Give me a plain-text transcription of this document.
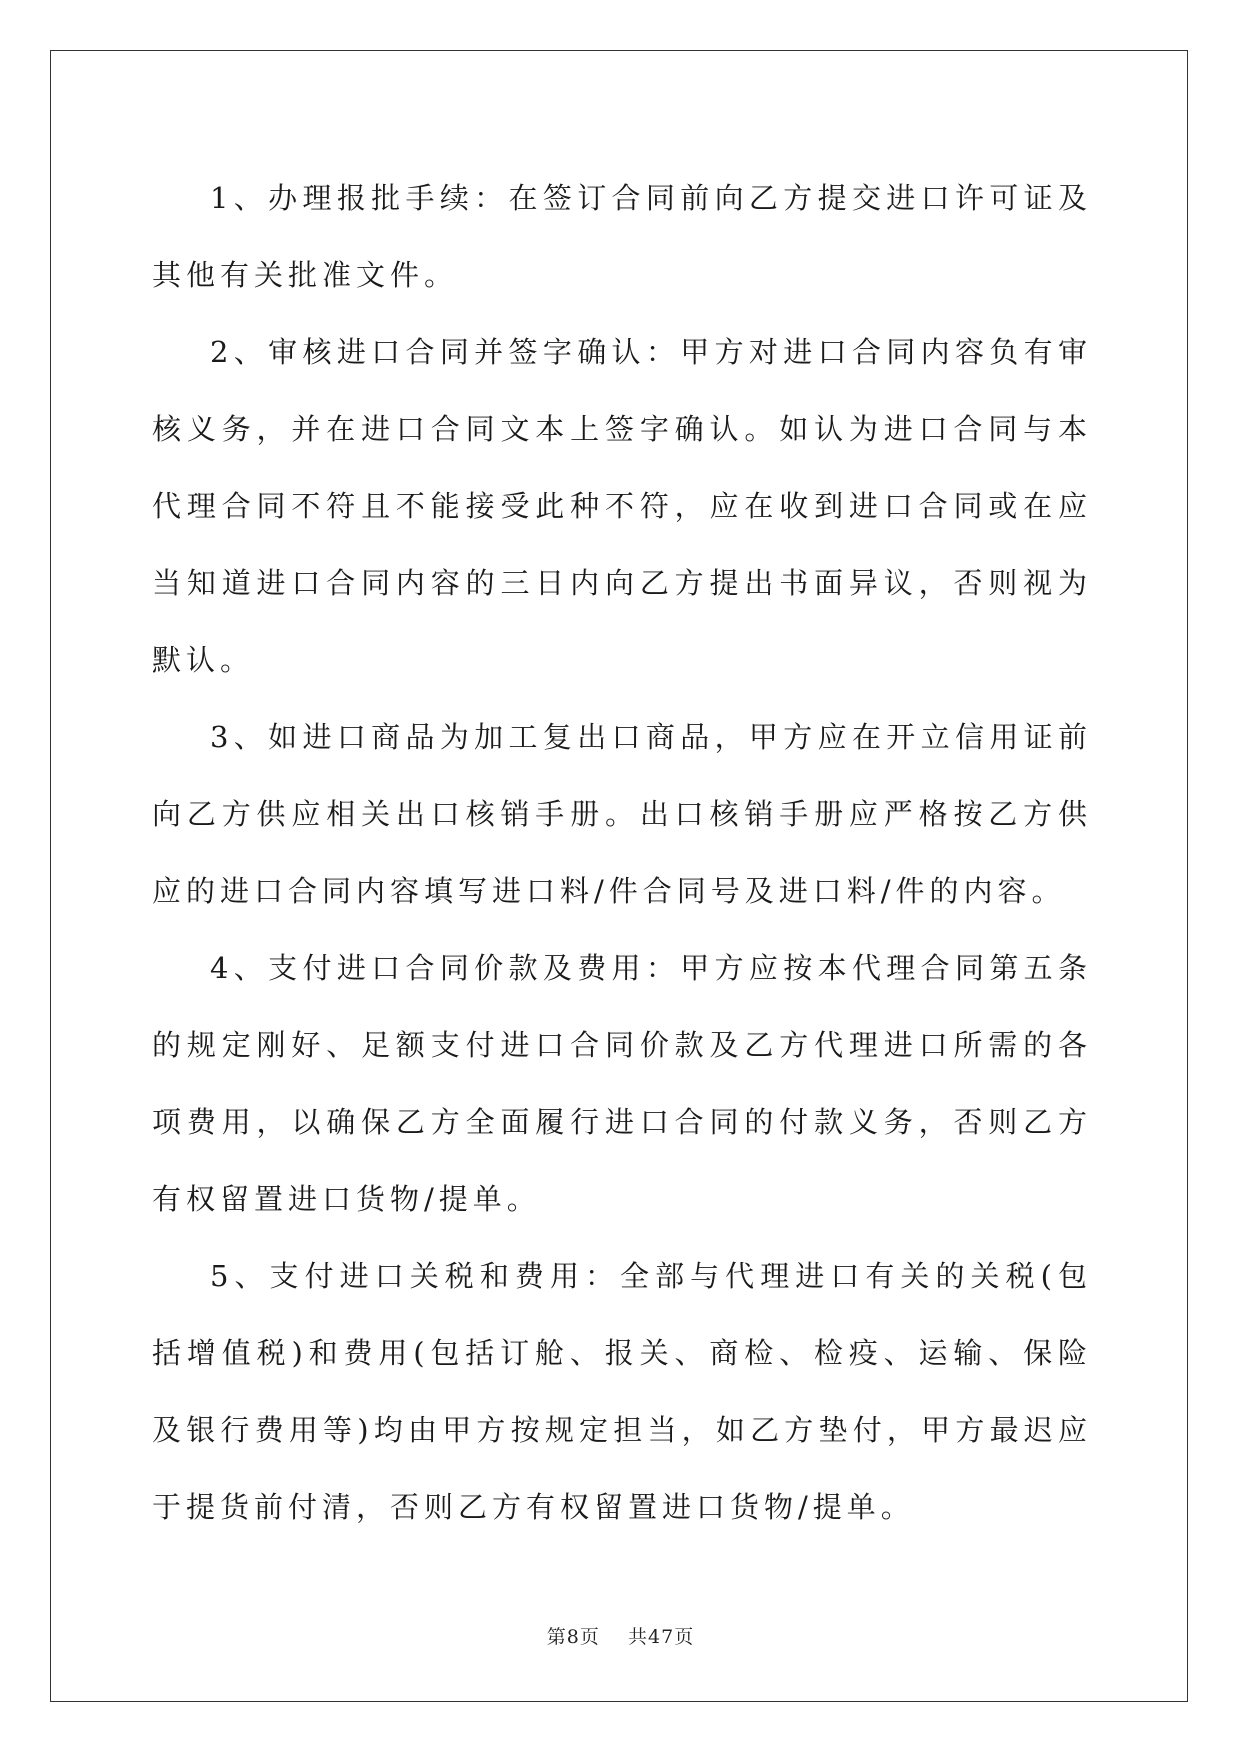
1、办理报批手续：在签订合同前向乙方提交进口许可证及其他有关批准文件。

2、审核进口合同并签字确认：甲方对进口合同内容负有审核义务，并在进口合同文本上签字确认。如认为进口合同与本代理合同不符且不能接受此种不符，应在收到进口合同或在应当知道进口合同内容的三日内向乙方提出书面异议，否则视为默认。

3、如进口商品为加工复出口商品，甲方应在开立信用证前向乙方供应相关出口核销手册。出口核销手册应严格按乙方供应的进口合同内容填写进口料/件合同号及进口料/件的内容。

4、支付进口合同价款及费用：甲方应按本代理合同第五条的规定刚好、足额支付进口合同价款及乙方代理进口所需的各项费用，以确保乙方全面履行进口合同的付款义务，否则乙方有权留置进口货物/提单。

5、支付进口关税和费用：全部与代理进口有关的关税(包括增值税)和费用(包括订舱、报关、商检、检疫、运输、保险及银行费用等)均由甲方按规定担当，如乙方垫付，甲方最迟应于提货前付清，否则乙方有权留置进口货物/提单。

第8页 共47页
